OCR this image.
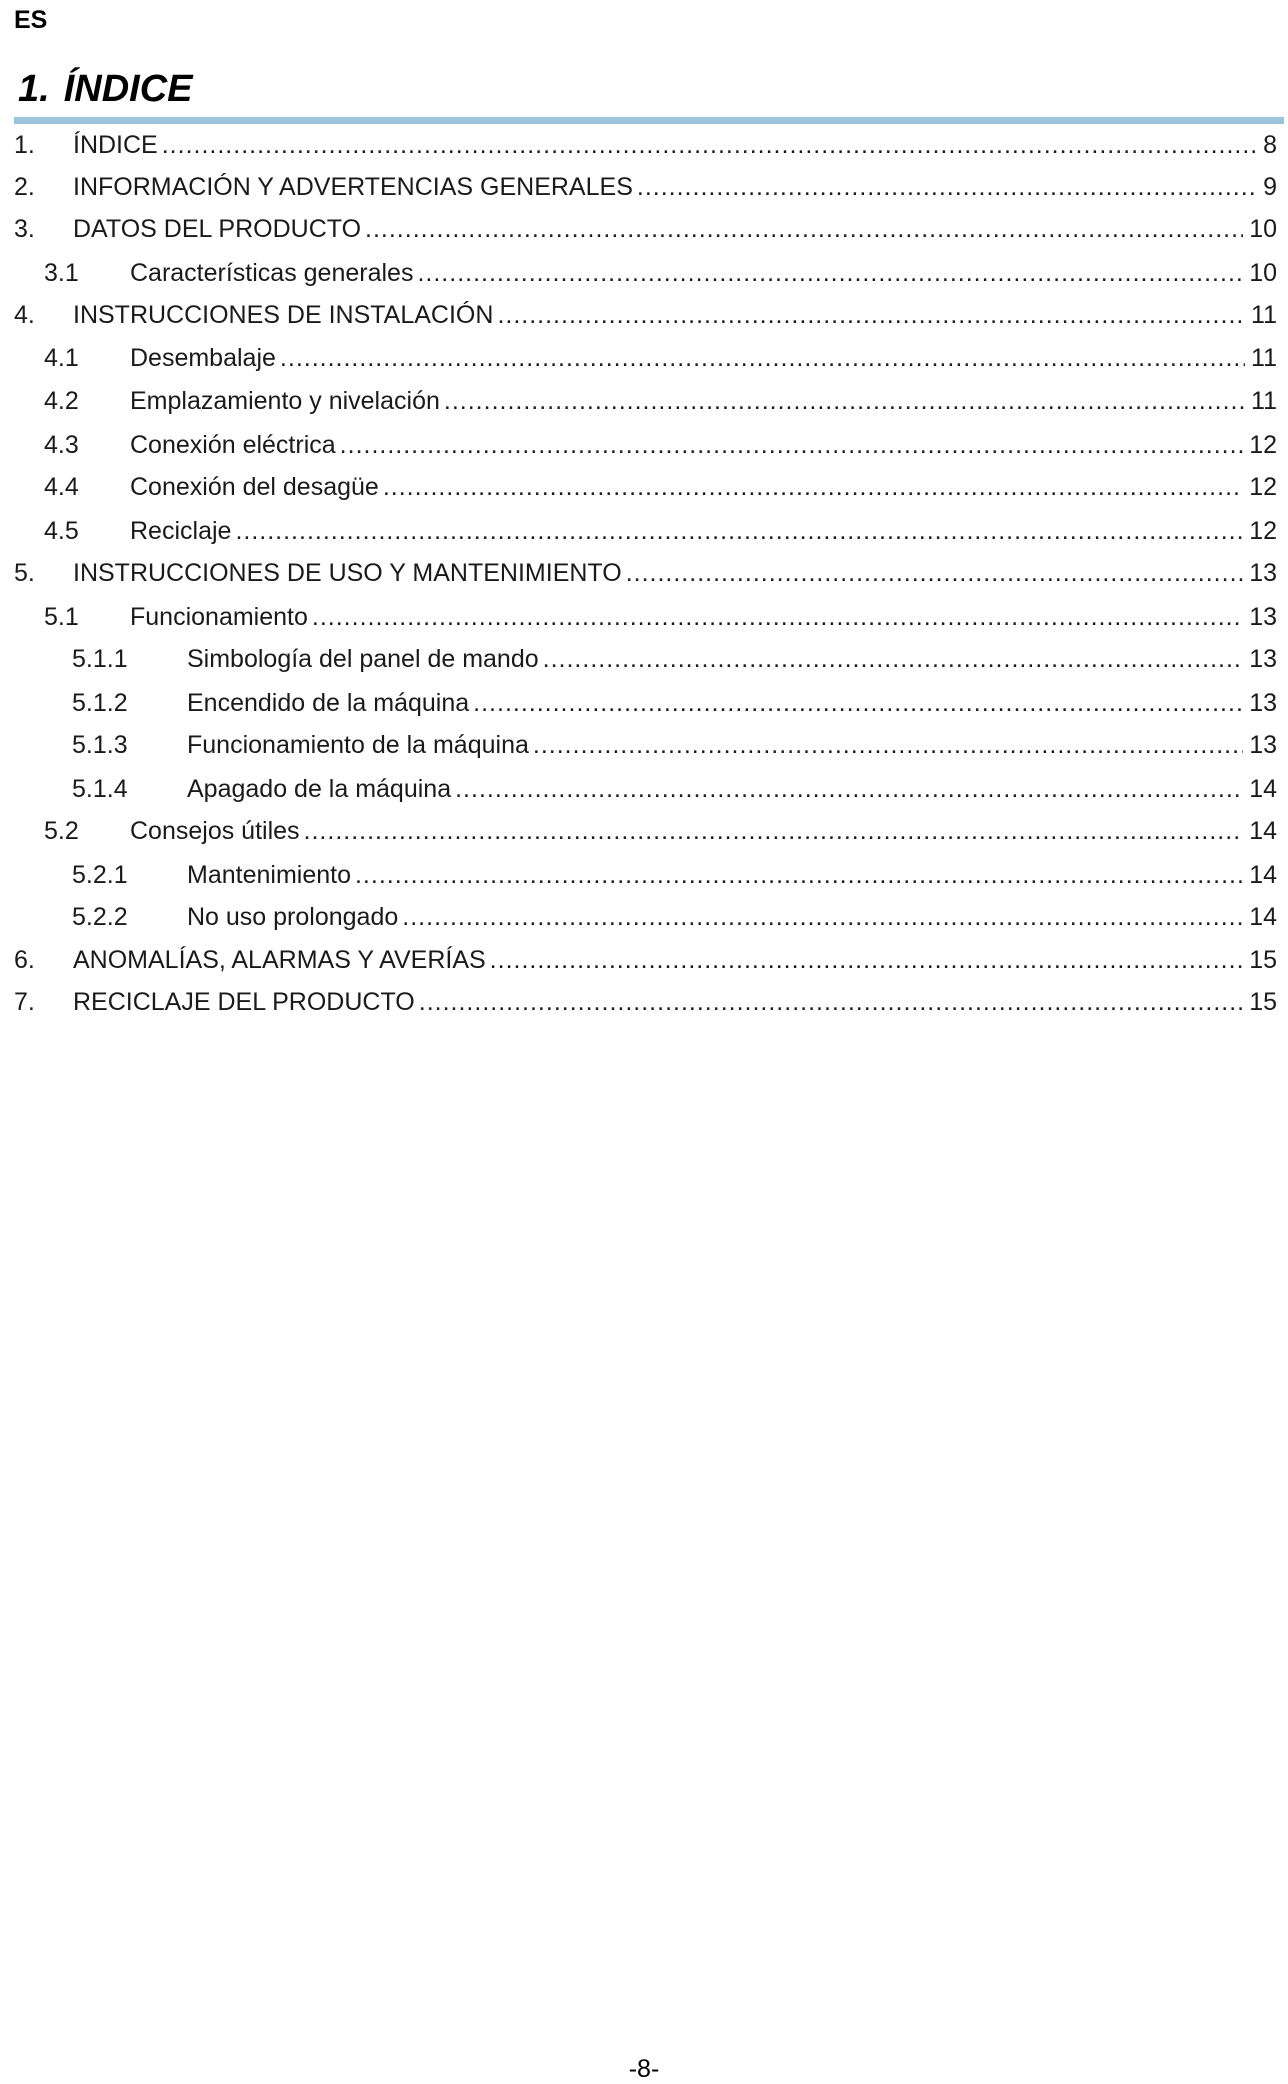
ES
1. ÍNDICE
1.	ÍNDICE .....	8
2.	INFORMACIÓN Y ADVERTENCIAS GENERALES .....	9
3.	DATOS DEL PRODUCTO .....	10
3.1	Características generales .....	10
4.	INSTRUCCIONES DE INSTALACIÓN .....	11
4.1	Desembalaje .....	11
4.2	Emplazamiento y nivelación .....	11
4.3	Conexión eléctrica .....	12
4.4	Conexión del desagüe .....	12
4.5	Reciclaje .....	12
5.	INSTRUCCIONES DE USO Y MANTENIMIENTO .....	13
5.1	Funcionamiento .....	13
5.1.1	Simbología del panel de mando .....	13
5.1.2	Encendido de la máquina .....	13
5.1.3	Funcionamiento de la máquina .....	13
5.1.4	Apagado de la máquina .....	14
5.2	Consejos útiles .....	14
5.2.1	Mantenimiento .....	14
5.2.2	No uso prolongado .....	14
6.	ANOMALÍAS, ALARMAS Y AVERÍAS .....	15
7.	RECICLAJE DEL PRODUCTO .....	15
-8-
